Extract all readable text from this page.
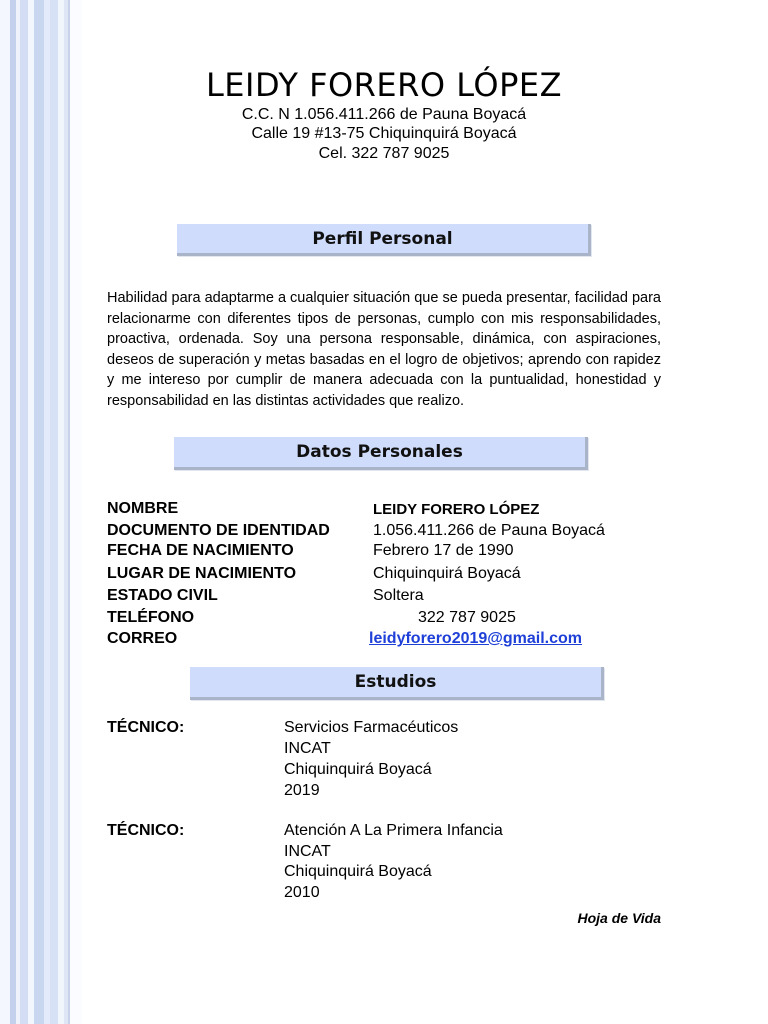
LEIDY FORERO LÓPEZ
C.C. N 1.056.411.266 de Pauna Boyacá
Calle 19 #13-75 Chiquinquirá Boyacá
Cel. 322 787 9025
Perfil Personal
Habilidad para adaptarme a cualquier situación que se pueda presentar, facilidad para relacionarme con diferentes tipos de personas, cumplo con mis responsabilidades, proactiva, ordenada. Soy una persona responsable, dinámica, con aspiraciones, deseos de superación y metas basadas en el logro de objetivos; aprendo con rapidez y me intereso por cumplir de manera adecuada con la puntualidad, honestidad y responsabilidad en las distintas actividades que realizo.
Datos Personales
NOMBRE	LEIDY FORERO LÓPEZ
DOCUMENTO DE IDENTIDAD	1.056.411.266 de Pauna Boyacá
FECHA DE NACIMIENTO	Febrero 17 de 1990
LUGAR DE NACIMIENTO	Chiquinquirá Boyacá
ESTADO CIVIL	Soltera
TELÉFONO	322 787 9025
CORREO	leidyforero2019@gmail.com
Estudios
TÉCNICO:	Servicios Farmacéuticos
INCAT
Chiquinquirá Boyacá
2019
TÉCNICO:	Atención A La Primera Infancia
INCAT
Chiquinquirá Boyacá
2010
Hoja de Vida
